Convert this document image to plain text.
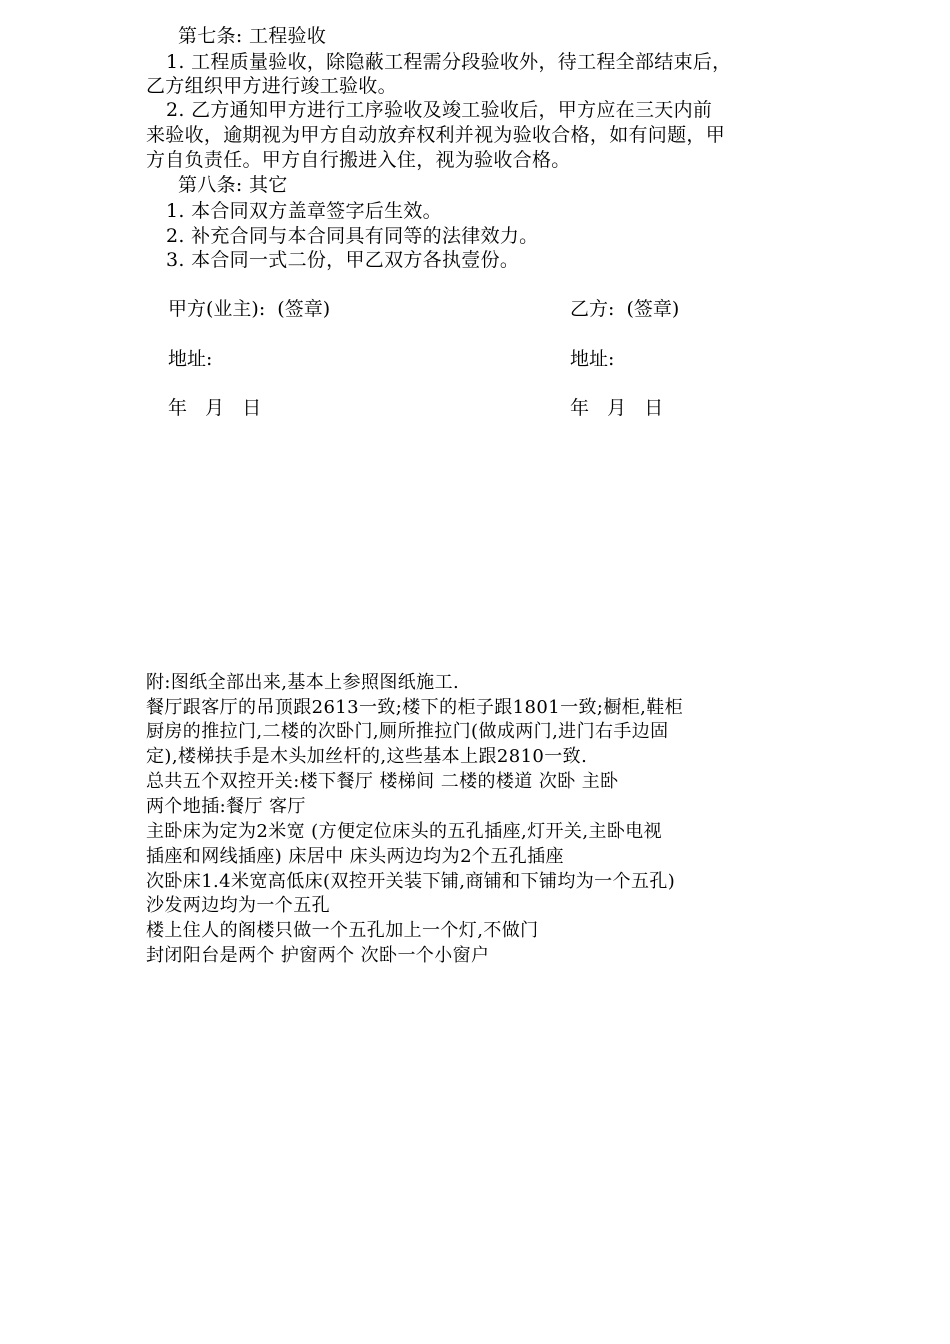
第七条: 工程验收
1. 工程质量验收，除隐蔽工程需分段验收外，待工程全部结束后，
乙方组织甲方进行竣工验收。
2. 乙方通知甲方进行工序验收及竣工验收后，甲方应在三天内前
来验收，逾期视为甲方自动放弃权利并视为验收合格，如有问题，甲
方自负责任。甲方自行搬进入住，视为验收合格。
第八条: 其它
1. 本合同双方盖章签字后生效。
2. 补充合同与本合同具有同等的法律效力。
3. 本合同一式二份，甲乙双方各执壹份。
甲方(业主):  (签章)	乙方:  (签章)
地址:	地址:
年   月   日	年   月   日
附:图纸全部出来,基本上参照图纸施工.
餐厅跟客厅的吊顶跟2613一致;楼下的柜子跟1801一致;橱柜,鞋柜
厨房的推拉门,二楼的次卧门,厕所推拉门(做成两门,进门右手边固
定),楼梯扶手是木头加丝杆的,这些基本上跟2810一致.
总共五个双控开关:楼下餐厅 楼梯间 二楼的楼道 次卧 主卧
两个地插:餐厅 客厅
主卧床为定为2米宽 (方便定位床头的五孔插座,灯开关,主卧电视
插座和网线插座) 床居中 床头两边均为2个五孔插座
次卧床1.4米宽高低床(双控开关装下铺,商铺和下铺均为一个五孔)
沙发两边均为一个五孔
楼上住人的阁楼只做一个五孔加上一个灯,不做门
封闭阳台是两个 护窗两个 次卧一个小窗户
